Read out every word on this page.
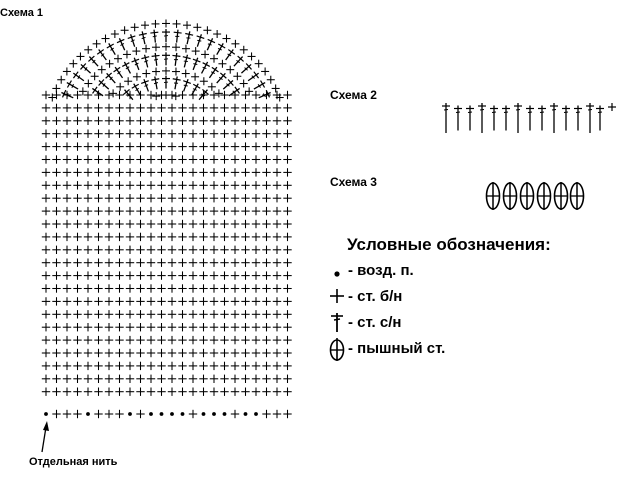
Схема 1
Схема 2
Схема 3
Условные обозначения:
Отдельная нить
- возд. п.
- ст. б/н
- ст. с/н
- пышный ст.
